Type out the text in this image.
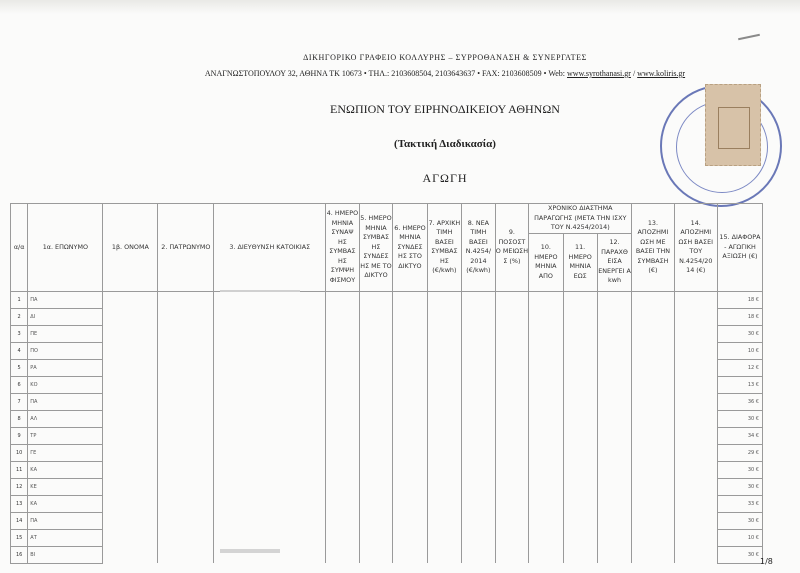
ΔΙΚΗΓΟΡΙΚΟ ΓΡΑΦΕΙΟ ΚΟΛΛΥΡΗΣ – ΣΥΡΡΟΘΑΝΑΣΗ & ΣΥΝΕΡΓΑΤΕΣ
ΑΝΑΓΝΩΣΤΟΠΟΥΛΟΥ 32, ΑΘΗΝΑ ΤΚ 10673 • ΤΗΛ.: 2103608504, 2103643637 • FAX: 2103608509 • Web: www.syrothanasi.gr / www.koliris.gr
ΕΝΩΠΙΟΝ ΤΟΥ ΕΙΡΗΝΟΔΙΚΕΙΟΥ ΑΘΗΝΩΝ
(Τακτική Διαδικασία)
ΑΓΩΓΗ
α/α	1α. ΕΠΩΝΥΜΟ	1β. ΟΝΟΜΑ	2. ΠΑΤΡΩΝΥΜΟ	3. ΔΙΕΥΘΥΝΣΗ ΚΑΤΟΙΚΙΑΣ	4. ΗΜΕΡΟ ΜΗΝΙΑ ΣΥΝΑΨ ΗΣ ΣΥΜΒΑΣ ΗΣ ΣΥΜΨΗ ΦΙΣΜΟΥ	5. ΗΜΕΡΟ ΜΗΝΙΑ ΣΥΜΒΑΣ ΗΣ ΣΥΝΔΕΣ ΗΣ ΜΕ ΤΟ ΔΙΚΤΥΟ	6. ΗΜΕΡΟ ΜΗΝΙΑ ΣΥΝΔΕΣ ΗΣ ΣΤΟ ΔΙΚΤΥΟ	7. ΑΡΧΙΚΗ ΤΙΜΗ ΒΑΣΕΙ ΣΥΜΒΑΣ ΗΣ (€/kwh)	8. ΝΕΑ ΤΙΜΗ ΒΑΣΕΙ Ν.4254/ 2014 (€/kwh)	9. ΠΟΣΟΣΤ Ο ΜΕΙΩΣΗ Σ (%)	ΧΡΟΝΙΚΟ ΔΙΑΣΤΗΜΑ ΠΑΡΑΓΩΓΗΣ (ΜΕΤΑ ΤΗΝ ΙΣΧΥ ΤΟΥ Ν.4254/2014)			13. ΑΠΟΖΗΜΙ ΩΣΗ ΜΕ ΒΑΣΕΙ ΤΗΝ ΣΥΜΒΑΣΗ (€)	14. ΑΠΟΖΗΜΙ ΩΣΗ ΒΑΣΕΙ ΤΟΥ Ν.4254/20 14 (€)	15. ΔΙΑΦΟΡΑ - ΑΓΩΓΙΚΗ ΑΞΙΩΣΗ (€)
											10. ΗΜΕΡΟ ΜΗΝΙΑ ΑΠΟ	11. ΗΜΕΡΟ ΜΗΝΙΑ ΕΩΣ	12. ΠΑΡΑΧΘ ΕΙΣΑ ΕΝΕΡΓΕΙ Α kwh			
1	ΠΑ															18 €
2	ΔΙ															18 €
3	ΠΕ															30 €
4	ΠΟ															10 €
5	ΡΑ															12 €
6	ΚΟ															13 €
7	ΠΑ															36 €
8	ΑΛ															30 €
9	ΤΡ															34 €
10	ΓΕ															29 €
11	ΚΑ															30 €
12	ΚΕ															30 €
13	ΚΑ															33 €
14	ΠΑ															30 €
15	ΑΤ															10 €
16	ΒΙ															30 €
1/8
